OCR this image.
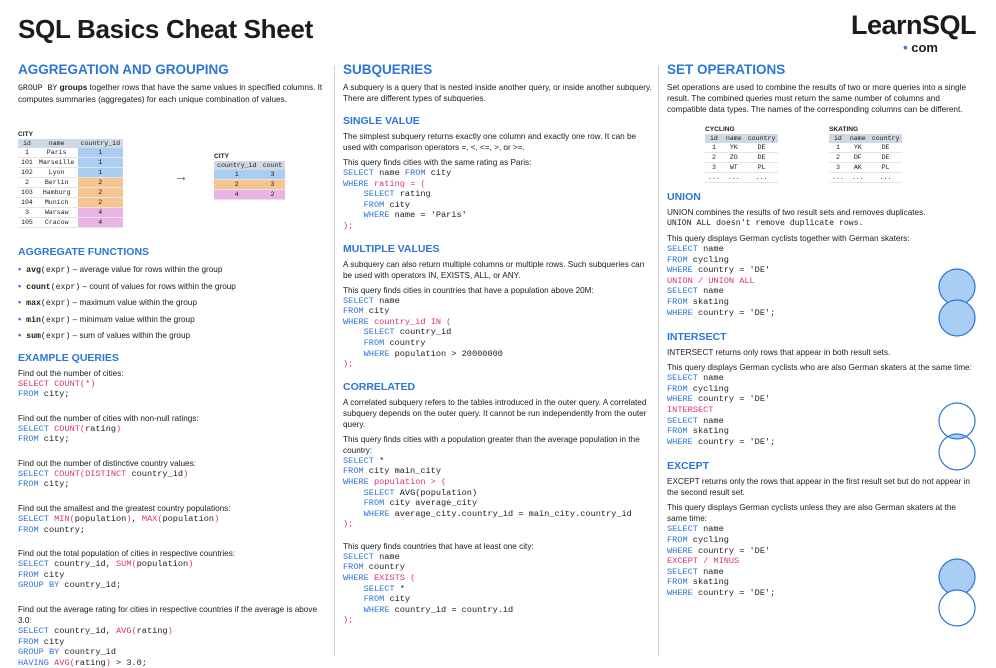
SQL Basics Cheat Sheet	LearnSQL
• com
AGGREGATION AND GROUPING

GROUP BY groups together rows that have the same values in specified columns. It computes summaries (aggregates) for each unique combination of values.

CITY		
id	name	country_id
1	Paris	1
101	Marseille	1
102	Lyon	1
2	Berlin	2
103	Hamburg	2
104	Munich	2
3	Warsaw	4
105	Cracow	4
→
CITY	
country_id	count
1	3
2	3
4	2
AGGREGATE FUNCTIONS
• avg(expr) – average value for rows within the group
• count(expr) – count of values for rows within the group
• max(expr) – maximum value within the group
• min(expr) – minimum value within the group
• sum(expr) – sum of values within the group
EXAMPLE QUERIES

Find out the number of cities:

SELECT COUNT(*)
FROM city;

Find out the number of cities with non-null ratings:

SELECT COUNT(rating)
FROM city;

Find out the number of distinctive country values:

SELECT COUNT(DISTINCT country_id)
FROM city;

Find out the smallest and the greatest country populations:

SELECT MIN(population), MAX(population)
FROM country;

Find out the total population of cities in respective countries:

SELECT country_id, SUM(population)
FROM city
GROUP BY country_id;

Find out the average rating for cities in respective countries if the average is above 3.0:

SELECT country_id, AVG(rating)
FROM city
GROUP BY country_id
HAVING AVG(rating) > 3.0;
SUBQUERIES

A subquery is a query that is nested inside another query, or inside another subquery. There are different types of subqueries.

SINGLE VALUE

The simplest subquery returns exactly one column and exactly one row. It can be used with comparison operators =, <, <=, >, or >=.

This query finds cities with the same rating as Paris:

SELECT name FROM city
WHERE rating = (
SELECT rating
FROM city
WHERE name = 'Paris'
);
MULTIPLE VALUES

A subquery can also return multiple columns or multiple rows. Such subqueries can be used with operators IN, EXISTS, ALL, or ANY.

This query finds cities in countries that have a population above 20M:

SELECT name
FROM city
WHERE country_id IN (
SELECT country_id
FROM country
WHERE population > 20000000
);
CORRELATED

A correlated subquery refers to the tables introduced in the outer query. A correlated subquery depends on the outer query. It cannot be run independently from the outer query.

This query finds cities with a population greater than the average population in the country:

SELECT *
FROM city main_city
WHERE population > (
SELECT AVG(population)
FROM city average_city
WHERE average_city.country_id = main_city.country_id
);

This query finds countries that have at least one city:

SELECT name
FROM country
WHERE EXISTS (
SELECT *
FROM city
WHERE country_id = country.id
);
SET OPERATIONS

Set operations are used to combine the results of two or more queries into a single result. The combined queries must return the same number of columns and compatible data types. The names of the corresponding columns can be different.

CYCLING		
id	name	country
1	YK	DE
2	ZG	DE
3	WT	PL
...	...	...
SKATING		
id	name	country
1	YK	DE
2	DF	DE
3	AK	PL
...	...	...
UNION

UNION combines the results of two result sets and removes duplicates.

UNION ALL doesn't remove duplicate rows.

This query displays German cyclists together with German skaters:

SELECT name
FROM cycling
WHERE country = 'DE'
UNION / UNION ALL
SELECT name
FROM skating
WHERE country = 'DE';
INTERSECT

INTERSECT returns only rows that appear in both result sets.

This query displays German cyclists who are also German skaters at the same time:

SELECT name
FROM cycling
WHERE country = 'DE'
INTERSECT
SELECT name
FROM skating
WHERE country = 'DE';
EXCEPT

EXCEPT returns only the rows that appear in the first result set but do not appear in the second result set.

This query displays German cyclists unless they are also German skaters at the same time:

SELECT name
FROM cycling
WHERE country = 'DE'
EXCEPT / MINUS
SELECT name
FROM skating
WHERE country = 'DE';
